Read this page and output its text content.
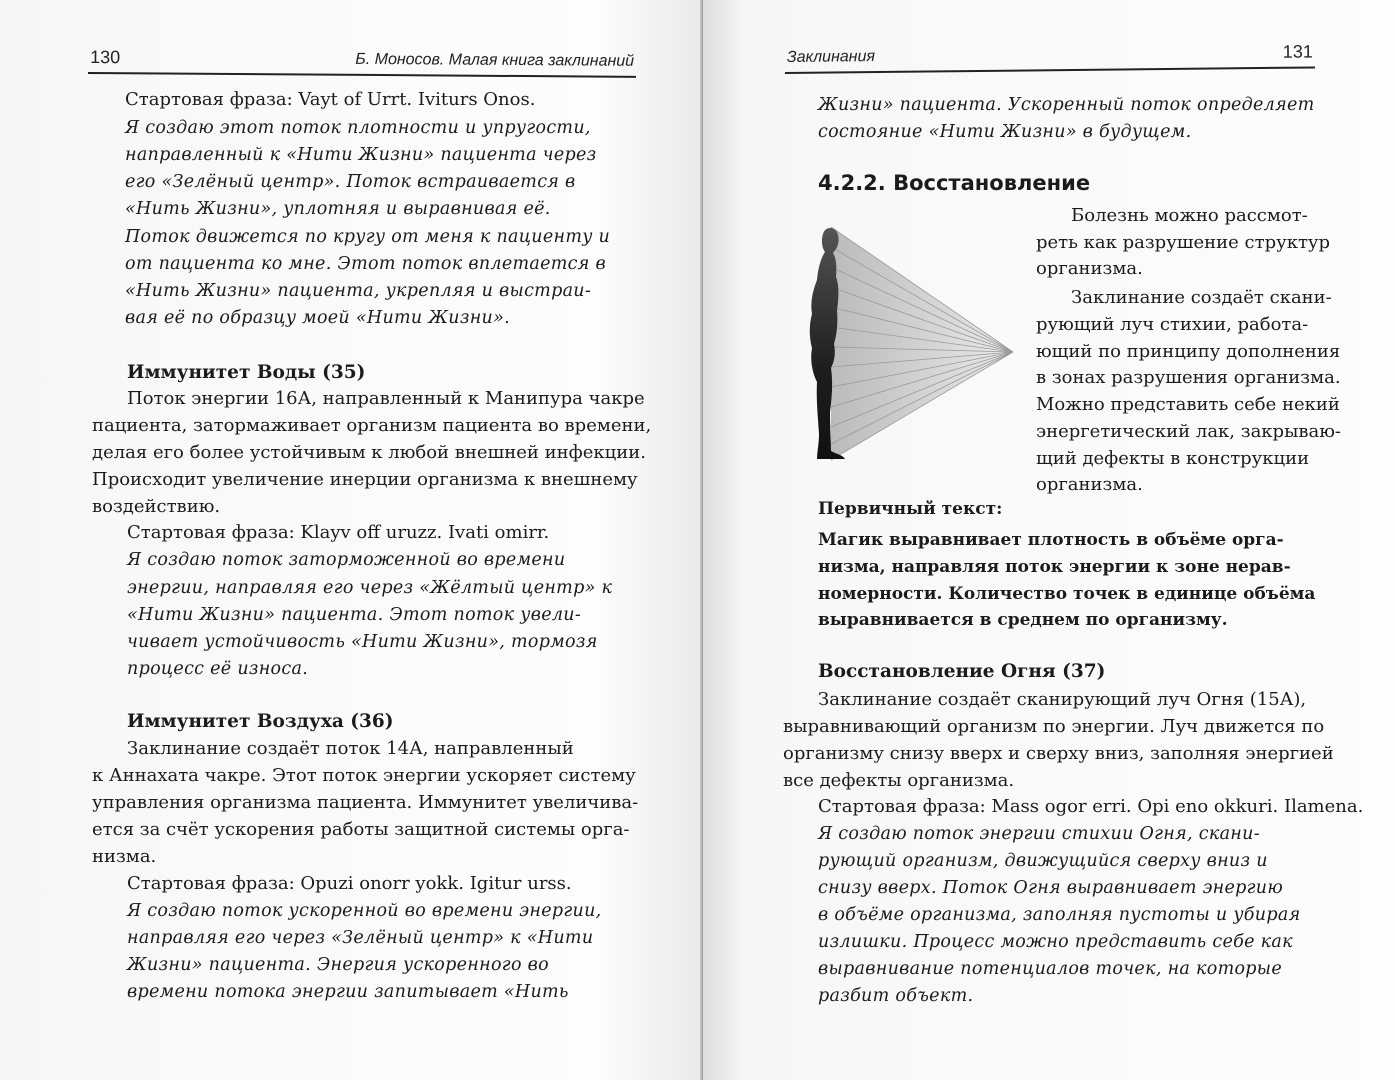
130	Б. Моносов. Малая книга заклинаний
Стартовая фраза: Vayt of Urrt. Iviturs Onos.
Я создаю этот поток плотности и упругости,
направленный к «Нити Жизни» пациента через
его «Зелёный центр». Поток встраивается в
«Нить Жизни», уплотняя и выравнивая её.
Поток движется по кругу от меня к пациенту и
от пациента ко мне. Этот поток вплетается в
«Нить Жизни» пациента, укрепляя и выстраи-
вая её по образцу моей «Нити Жизни».
Иммунитет Воды (35)
Поток энергии 16А, направленный к Манипура чакре
пациента, затормаживает организм пациента во времени,
делая его более устойчивым к любой внешней инфекции.
Происходит увеличение инерции организма к внешнему
воздействию.
Стартовая фраза: Klayv off uruzz. Ivati omirr.
Я создаю поток заторможенной во времени
энергии, направляя его через «Жёлтый центр» к
«Нити Жизни» пациента. Этот поток увели-
чивает устойчивость «Нити Жизни», тормозя
процесс её износа.
Иммунитет Воздуха (36)
Заклинание создаёт поток 14А, направленный
к Аннахата чакре. Этот поток энергии ускоряет систему
управления организма пациента. Иммунитет увеличива-
ется за счёт ускорения работы защитной системы орга-
низма.
Стартовая фраза: Opuzi onorr yokk. Igitur urss.
Я создаю поток ускоренной во времени энергии,
направляя его через «Зелёный центр» к «Нити
Жизни» пациента. Энергия ускоренного во
времени потока энергии запитывает «Нить
Заклинания	131
Жизни» пациента. Ускоренный поток определяет
состояние «Нити Жизни» в будущем.
4.2.2. Восстановление
Болезнь можно рассмот-
реть как разрушение структур
организма.
Заклинание создаёт скани-
рующий луч стихии, работа-
ющий по принципу дополнения
в зонах разрушения организма.
Можно представить себе некий
энергетический лак, закрываю-
щий дефекты в конструкции
организма.
Первичный текст:
Магик выравнивает плотность в объёме орга-
низма, направляя поток энергии к зоне нерав-
номерности. Количество точек в единице объёма
выравнивается в среднем по организму.
Восстановление Огня (37)
Заклинание создаёт сканирующий луч Огня (15А),
выравнивающий организм по энергии. Луч движется по
организму снизу вверх и сверху вниз, заполняя энергией
все дефекты организма.
Стартовая фраза: Mass ogor erri. Opi eno okkuri. Ilamena.
Я создаю поток энергии стихии Огня, скани-
рующий организм, движущийся сверху вниз и
снизу вверх. Поток Огня выравнивает энергию
в объёме организма, заполняя пустоты и убирая
излишки. Процесс можно представить себе как
выравнивание потенциалов точек, на которые
разбит объект.
